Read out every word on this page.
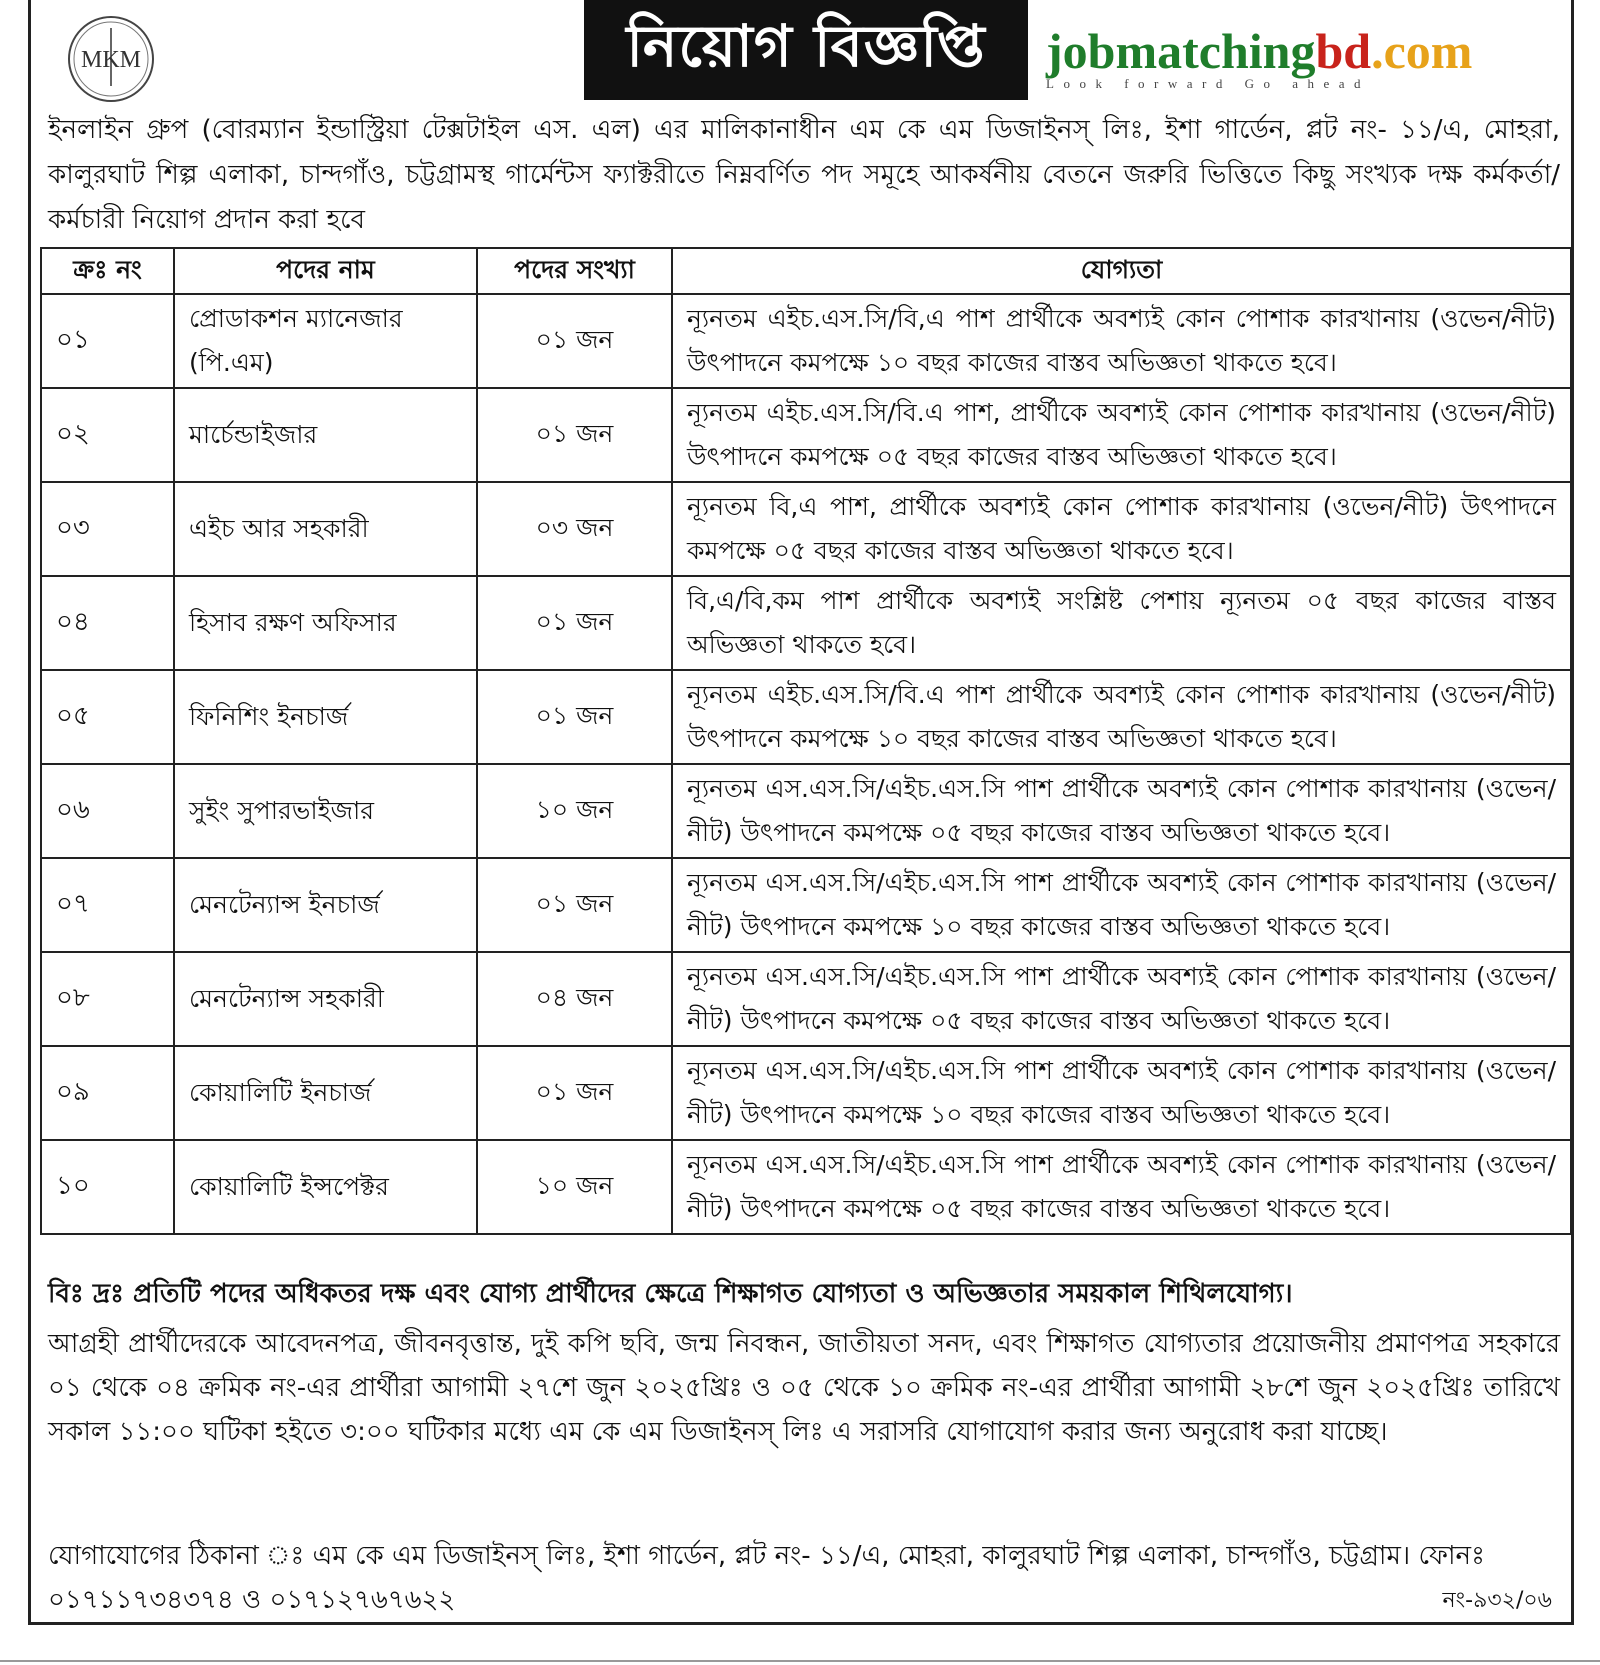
MKM	নিয়োগ বিজ্ঞপ্তি	jobmatchingbd.com
Look forward Go ahead
ইনলাইন গ্রুপ (বোরম্যান ইন্ডাস্ট্রিয়া টেক্সটাইল এস. এল) এর মালিকানাধীন এম কে এম ডিজাইনস্ লিঃ, ইশা গার্ডেন, প্লট নং- ১১/এ, মোহরা, কালুরঘাট শিল্প এলাকা, চান্দগাঁও, চট্টগ্রামস্থ গার্মেন্টস ফ্যাক্টরীতে নিম্নবর্ণিত পদ সমূহে আকর্ষনীয় বেতনে জরুরি ভিত্তিতে কিছু সংখ্যক দক্ষ কর্মকর্তা/কর্মচারী নিয়োগ প্রদান করা হবে
ক্রঃ নং	পদের নাম	পদের সংখ্যা	যোগ্যতা
০১	প্রোডাকশন ম্যানেজার (পি.এম)	০১ জন	ন্যূনতম এইচ.এস.সি/বি,এ পাশ প্রার্থীকে অবশ্যই কোন পোশাক কারখানায় (ওভেন/নীট) উৎপাদনে কমপক্ষে ১০ বছর কাজের বাস্তব অভিজ্ঞতা থাকতে হবে।
০২	মার্চেন্ডাইজার	০১ জন	ন্যূনতম এইচ.এস.সি/বি.এ পাশ, প্রার্থীকে অবশ্যই কোন পোশাক কারখানায় (ওভেন/নীট) উৎপাদনে কমপক্ষে ০৫ বছর কাজের বাস্তব অভিজ্ঞতা থাকতে হবে।
০৩	এইচ আর সহকারী	০৩ জন	ন্যূনতম বি,এ পাশ, প্রার্থীকে অবশ্যই কোন পোশাক কারখানায় (ওভেন/নীট) উৎপাদনে কমপক্ষে ০৫ বছর কাজের বাস্তব অভিজ্ঞতা থাকতে হবে।
০৪	হিসাব রক্ষণ অফিসার	০১ জন	বি,এ/বি,কম পাশ প্রার্থীকে অবশ্যই সংশ্লিষ্ট পেশায় ন্যূনতম ০৫ বছর কাজের বাস্তব অভিজ্ঞতা থাকতে হবে।
০৫	ফিনিশিং ইনচার্জ	০১ জন	ন্যূনতম এইচ.এস.সি/বি.এ পাশ প্রার্থীকে অবশ্যই কোন পোশাক কারখানায় (ওভেন/নীট) উৎপাদনে কমপক্ষে ১০ বছর কাজের বাস্তব অভিজ্ঞতা থাকতে হবে।
০৬	সুইং সুপারভাইজার	১০ জন	ন্যূনতম এস.এস.সি/এইচ.এস.সি পাশ প্রার্থীকে অবশ্যই কোন পোশাক কারখানায় (ওভেন/নীট) উৎপাদনে কমপক্ষে ০৫ বছর কাজের বাস্তব অভিজ্ঞতা থাকতে হবে।
০৭	মেনটেন্যান্স ইনচার্জ	০১ জন	ন্যূনতম এস.এস.সি/এইচ.এস.সি পাশ প্রার্থীকে অবশ্যই কোন পোশাক কারখানায় (ওভেন/নীট) উৎপাদনে কমপক্ষে ১০ বছর কাজের বাস্তব অভিজ্ঞতা থাকতে হবে।
০৮	মেনটেন্যান্স সহকারী	০৪ জন	ন্যূনতম এস.এস.সি/এইচ.এস.সি পাশ প্রার্থীকে অবশ্যই কোন পোশাক কারখানায় (ওভেন/নীট) উৎপাদনে কমপক্ষে ০৫ বছর কাজের বাস্তব অভিজ্ঞতা থাকতে হবে।
০৯	কোয়ালিটি ইনচার্জ	০১ জন	ন্যূনতম এস.এস.সি/এইচ.এস.সি পাশ প্রার্থীকে অবশ্যই কোন পোশাক কারখানায় (ওভেন/নীট) উৎপাদনে কমপক্ষে ১০ বছর কাজের বাস্তব অভিজ্ঞতা থাকতে হবে।
১০	কোয়ালিটি ইন্সপেক্টর	১০ জন	ন্যূনতম এস.এস.সি/এইচ.এস.সি পাশ প্রার্থীকে অবশ্যই কোন পোশাক কারখানায় (ওভেন/নীট) উৎপাদনে কমপক্ষে ০৫ বছর কাজের বাস্তব অভিজ্ঞতা থাকতে হবে।
বিঃ দ্রঃ প্রতিটি পদের অধিকতর দক্ষ এবং যোগ্য প্রার্থীদের ক্ষেত্রে শিক্ষাগত যোগ্যতা ও অভিজ্ঞতার সময়কাল শিথিলযোগ্য।
আগ্রহী প্রার্থীদেরকে আবেদনপত্র, জীবনবৃত্তান্ত, দুই কপি ছবি, জন্ম নিবন্ধন, জাতীয়তা সনদ, এবং শিক্ষাগত যোগ্যতার প্রয়োজনীয় প্রমাণপত্র সহকারে ০১ থেকে ০৪ ক্রমিক নং-এর প্রার্থীরা আগামী ২৭শে জুন ২০২৫খ্রিঃ ও ০৫ থেকে ১০ ক্রমিক নং-এর প্রার্থীরা আগামী ২৮শে জুন ২০২৫খ্রিঃ তারিখে সকাল ১১:০০ ঘটিকা হইতে ৩:০০ ঘটিকার মধ্যে এম কে এম ডিজাইনস্ লিঃ এ সরাসরি যোগাযোগ করার জন্য অনুরোধ করা যাচ্ছে।
যোগাযোগের ঠিকানা ঃ এম কে এম ডিজাইনস্ লিঃ, ইশা গার্ডেন, প্লট নং- ১১/এ, মোহরা, কালুরঘাট শিল্প এলাকা, চান্দগাঁও, চট্টগ্রাম। ফোনঃ ০১৭১১৭৩৪৩৭৪ ও ০১৭১২৭৬৭৬২২	নং-৯৩২/০৬
